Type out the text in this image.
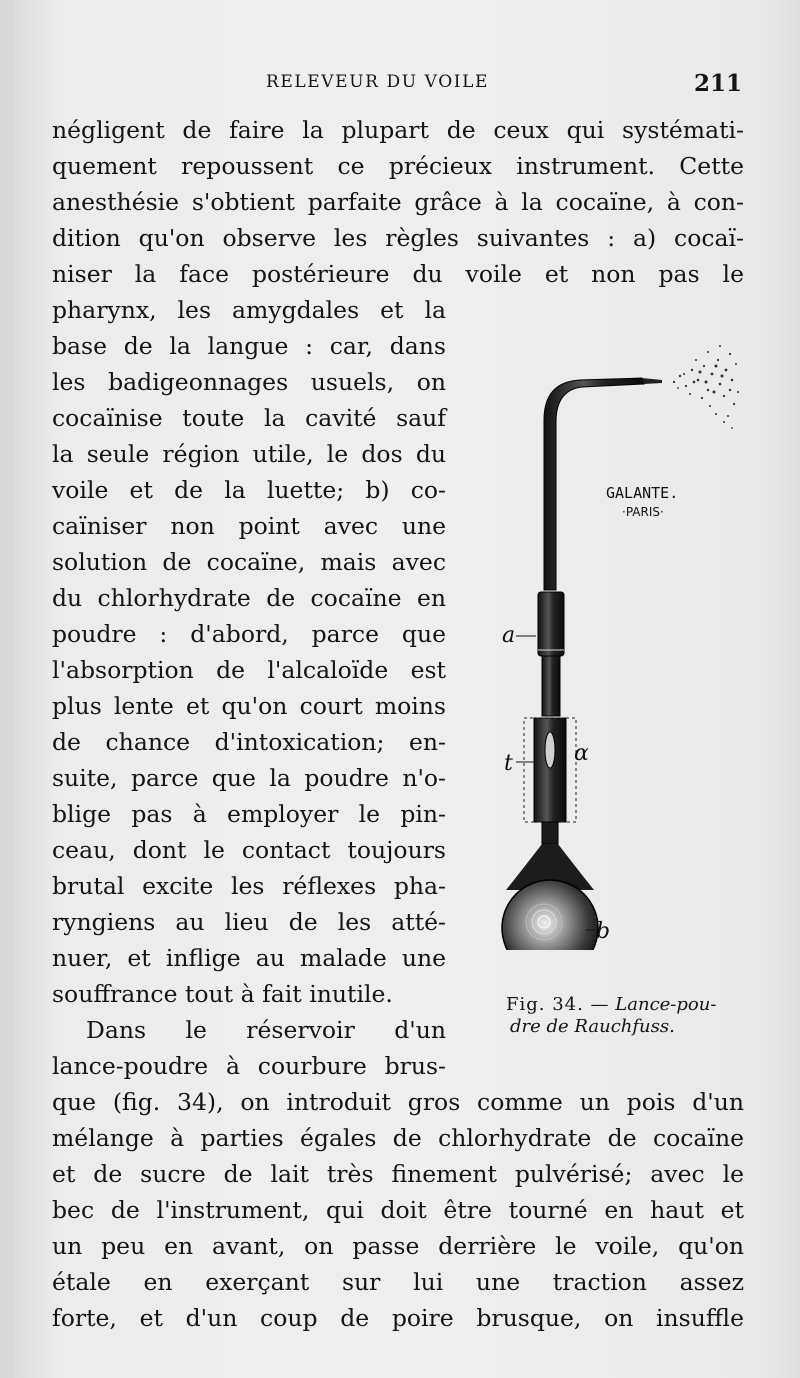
RELEVEUR DU VOILE	211
négligent de faire la plupart de ceux qui systémati-
quement repoussent ce précieux instrument. Cette
anesthésie s'obtient parfaite grâce à la cocaïne, à con-
dition qu'on observe les règles suivantes : a) cocaï-
niser la face postérieure du voile et non pas le
pharynx, les amygdales et la
base de la langue : car, dans
les badigeonnages usuels, on
cocaïnise toute la cavité sauf
la seule région utile, le dos du
voile et de la luette; b) co-
caïniser non point avec une
solution de cocaïne, mais avec
du chlorhydrate de cocaïne en
poudre : d'abord, parce que
l'absorption de l'alcaloïde est
plus lente et qu'on court moins
de chance d'intoxication; en-
suite, parce que la poudre n'o-
blige pas à employer le pin-
ceau, dont le contact toujours
brutal excite les réflexes pha-
ryngiens au lieu de les atté-
nuer, et inflige au malade une
souffrance tout à fait inutile.
Dans le réservoir d'un
lance-poudre à courbure brus-
que (fig. 34), on introduit gros comme un pois d'un
mélange à parties égales de chlorhydrate de cocaïne
et de sucre de lait très finement pulvérisé; avec le
bec de l'instrument, qui doit être tourné en haut et
un peu en avant, on passe derrière le voile, qu'on
étale en exerçant sur lui une traction assez
forte, et d'un coup de poire brusque, on insuffle
GALANTE.
·PARIS·
a
t	α
b
Fig. 34. — Lance-pou-
dre de Rauchfuss.
